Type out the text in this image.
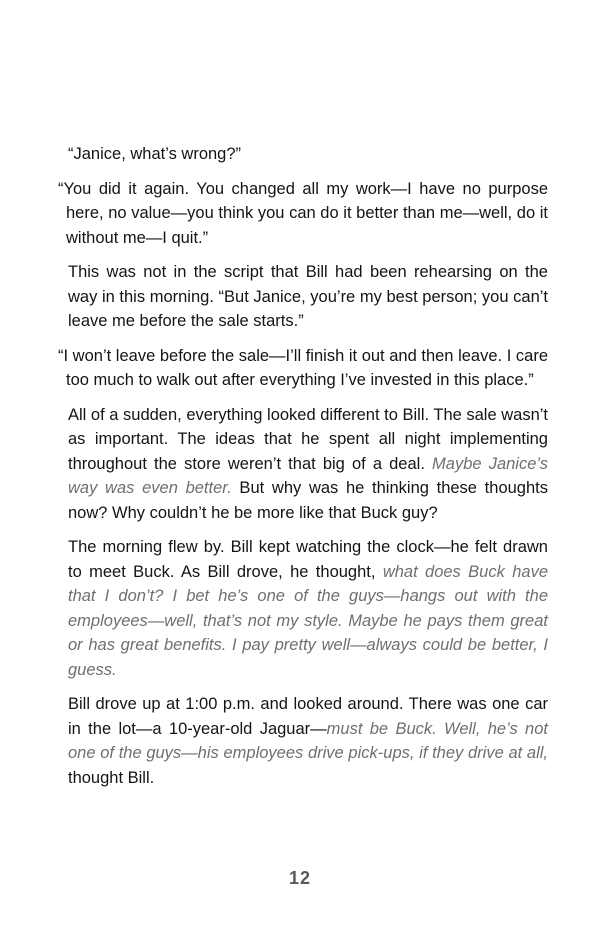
“Janice, what’s wrong?”

“You did it again. You changed all my work—I have no purpose here, no value—you think you can do it better than me—well, do it without me—I quit.”

This was not in the script that Bill had been rehearsing on the way in this morning. “But Janice, you’re my best person; you can’t leave me before the sale starts.”

“I won’t leave before the sale—I’ll finish it out and then leave. I care too much to walk out after everything I’ve invested in this place.”

All of a sudden, everything looked different to Bill. The sale wasn’t as important. The ideas that he spent all night implementing throughout the store weren’t that big of a deal. Maybe Janice’s way was even better. But why was he thinking these thoughts now? Why couldn’t he be more like that Buck guy?

The morning flew by. Bill kept watching the clock—he felt drawn to meet Buck. As Bill drove, he thought, what does Buck have that I don’t? I bet he’s one of the guys—hangs out with the employees—well, that’s not my style. Maybe he pays them great or has great benefits. I pay pretty well—always could be better, I guess.

Bill drove up at 1:00 p.m. and looked around. There was one car in the lot—a 10-year-old Jaguar—must be Buck. Well, he’s not one of the guys—his employees drive pick-ups, if they drive at all, thought Bill.

12
